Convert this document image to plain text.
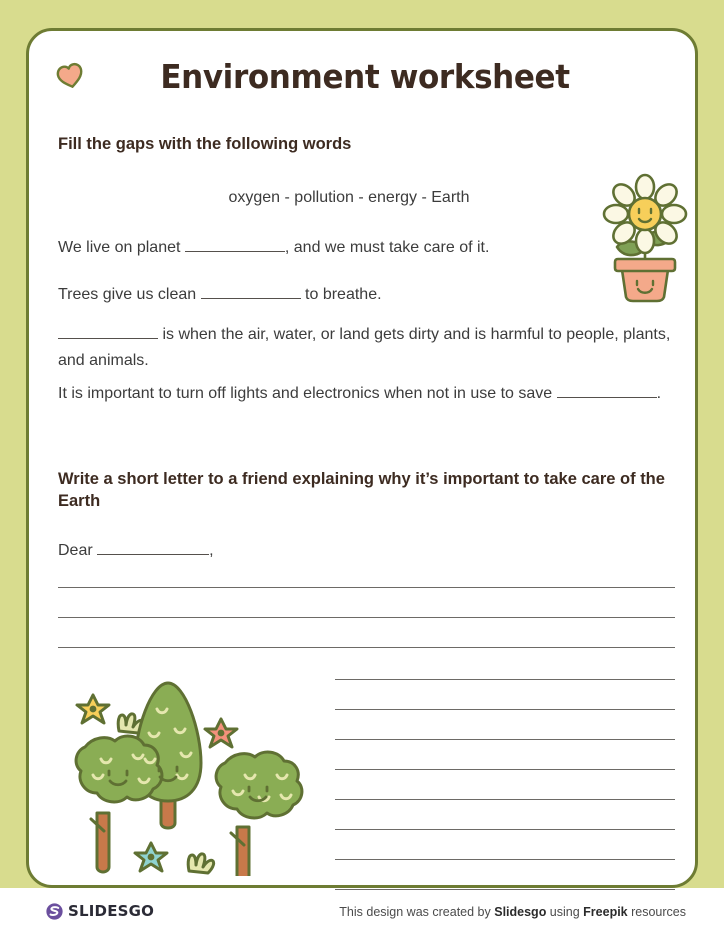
Environment worksheet
Fill the gaps with the following words
oxygen - pollution - energy - Earth
We live on planet	, and we must take care of it.
Trees give us clean	to breathe.
is when the air, water, or land gets dirty and is harmful to people, plants, and animals.
It is important to turn off lights and electronics when not in use to save	.
Write a short letter to a friend explaining why it’s important to take care of the Earth
Dear	,
SLIDESGO	This design was created by Slidesgo using Freepik resources
